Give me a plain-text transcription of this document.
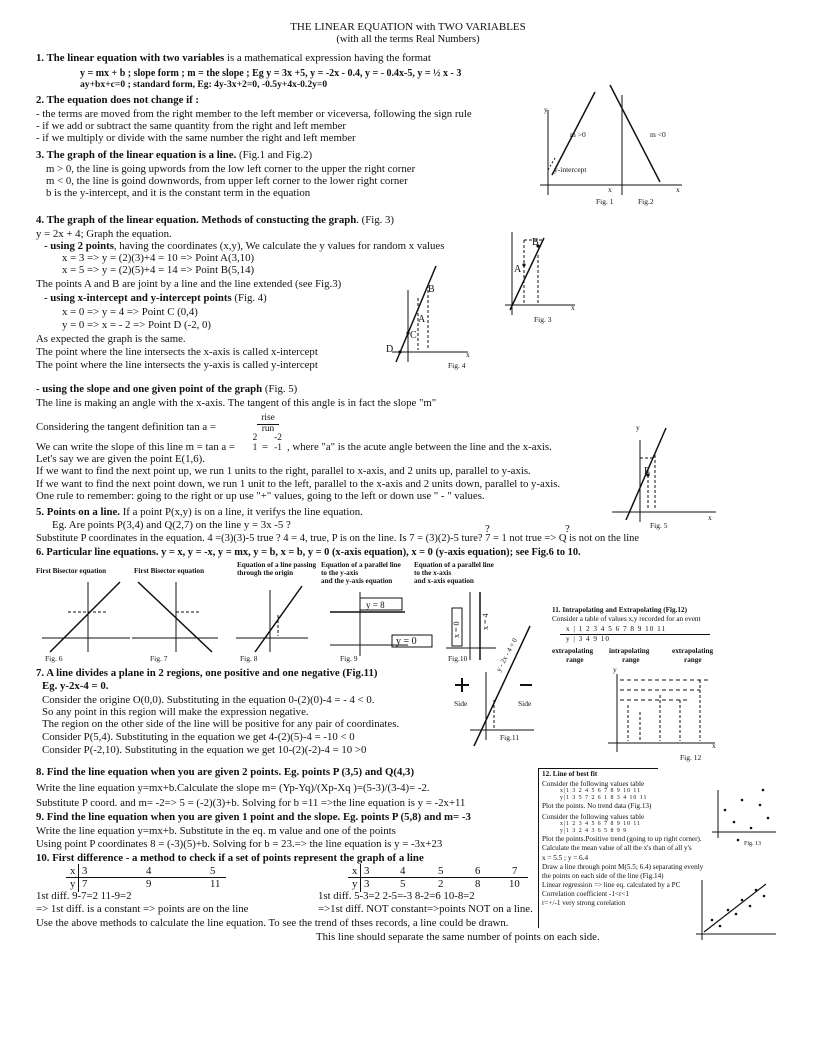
THE LINEAR EQUATION with TWO VARIABLES
(with all the terms Real Numbers)
1. The linear equation with two variables is a mathematical expression having the format
y = mx + b ; slope form ; m = the slope ; Eg y = 3x +5, y = -2x - 0.4, y = - 0.4x-5, y = ½ x - 3
ay+bx+c=0 ; standard form, Eg: 4y-3x+2=0, -0.5y+4x-0.2y=0
2. The equation does not change if :
- the terms are moved from the right member to the left member or viceversa, following the sign rule
- if we add or subtract the same quantity from the right and left member
- if we multiply or divide with the same number the right and left member
3. The graph of the linear equation is a line. (Fig.1 and Fig.2)
m > 0, the line is going upwords from the low left corner to the upper the right corner
m < 0, the line is goind downwords, from upper left corner to the lower right corner
b is the y-intercept, and it is the constant term in the equation
4. The graph of the linear equation. Methods of constucting the graph. (Fig. 3)
y = 2x + 4; Graph the equation.
- using 2 points, having the coordinates (x,y), We calculate the y values for random x values
x = 3 => y = (2)(3)+4 = 10 => Point A(3,10)
x = 5 => y = (2)(5)+4 = 14 => Point B(5,14)
The points A and B are joint by a line and the line extended (see Fig.3)
- using x-intercept and y-intercept points (Fig. 4)
x = 0 => y = 4 => Point C (0,4)
y = 0 => x = - 2 => Point D (-2, 0)
As expected the graph is the same.
The point where the line intersects the x-axis is called x-intercept
The point where the line intersects the y-axis is called y-intercept
- using the slope and one given point of the graph (Fig. 5)
The line is making an angle with the x-axis. The tangent of this angle is in fact the slope "m"
Considering the tangent definition tan a =
rise
run
We can write the slope of this line m = tan a =
2
1 =
-2
-1 , where "a" is the acute angle between the line and the x-axis.
Let's say we are given the point E(1,6).
If we want to find the next point up, we run 1 units to the right, parallel to x-axis, and 2 units up, parallel to y-axis.
If we want to find the next point down, we run 1 unit to the left, parallel to the x-axis and 2 units down, parallel to y-axis.
One rule to remember: going to the right or up use "+" values, going to the left or down use " - " values.
5. Points on a line. If a point P(x,y) is on a line, it verifys the line equation.
Eg. Are points P(3,4) and Q(2,7) on the line y = 3x -5 ?	?	?
Substitute P coordinates in the equation. 4 =(3)(3)-5 true ? 4 = 4, true, P is on the line. Is 7 = (3)(2)-5 ture? 7 = 1 not true => Q is not on the line
6. Particular line equations. y = x, y = -x, y = mx, y = b, x = b, y = 0 (x-axis equation), x = 0 (y-axis equation); see Fig.6 to 10.
First Bisector equation	First Bisector equation
Equation of a line passing
through the origin
Equation of a parallel line
to the y-axis
and the y-axis equation
Equation of a parallel line
to the x-axis
and x-axis equation
7. A line divides a plane in 2 regions, one positive and one negative (Fig.11)
Eg. y-2x-4 = 0.
Consider the origine O(0,0). Substituting in the equation 0-(2)(0)-4 = - 4 < 0.
So any point in this region will make the expression negative.
The region on the other side of the line will be positive for any pair of coordinates.
Consider P(5,4). Substituting in the equation we get 4-(2)(5)-4 = -10 < 0
Consider P(-2,10). Substituting in the equation we get 10-(2)(-2)-4 = 10 >0
8. Find the line equation when you are given 2 points. Eg. points P (3,5) and Q(4,3)
Write the line equation y=mx+b.Calculate the slope m= (Yp-Yq)/(Xp-Xq )=(5-3)/(3-4)= -2.
Substitute P coord. and m= -2=> 5 = (-2)(3)+b. Solving for b =11 =>the line equation is y = -2x+11
9. Find the line equation when you are given 1 point and the slope. Eg. points P (5,8) and m= -3
Write the line equation y=mx+b. Substitute in the eq. m value and one of the points
Using point P coordinates 8 = (-3)(5)+b. Solving for b = 23.=> the line equation is y = -3x+23
10. First difference - a method to check if a set of points represent the graph of a line
x 3	4	5
y 7	9	11
1st diff. 9-7=2 11-9=2
x 3	4	5	6	7
y 3	5	2	8	10
1st diff. 5-3=2 2-5=-3 8-2=6 10-8=2
=> 1st diff. is a constant => points are on the line	=>1st diff. NOT constant=>points NOT on a line.
Use the above methods to calculate the line equation. To see the trend of thses records, a line could be drawn.
This line should separate the same number of points on each side.
11. Intrapolating and Extrapolating (Fig.12)
Consider a table of values x,y recorded for an event
x | 1 2 3 4 5 6 7 8 9 10 11
y | 3 4 9 10
extrapolating intrapolating	extrapolating
range	range	range
12. Line of best fit
Consider the following values table
x|1 3 2 4 5 6 7 8 9 10 11
y|1 3 5 7 2 6 1 8 3 4 10 11
Plot the points. No trend data (Fig.13)
Consider the following values table
x|1 2 3 4 5 6 7 8 9 10 11
y|1 3 2 4 3 6 5 8 9 9
Plot the points.Positive trend (going to up right corner).
Calculate the mean value of all the x's than of all y's
x = 5.5 ; y = 6.4
Draw a line through point M(5.5; 6.4) separating evenly
the points on each side of the line (Fig.14)
Linear regression => line eq. calculated by a PC
Correlation coefficient -1<r<1
r=+/-1 very strong corelation
m >0	m <0
y-intercept
Fig. 1	Fig.2
y
x	x
Fig. 3
B
A
x
Fig. 4
B
A
C
D	x
Fig. 5
E
y
x
Fig. 6	Fig. 7	Fig. 8	Fig. 9	Fig.10
y = 8
y = 0
x = 0	x = 4
Fig.11
Side	Side
y - 2x - 4 = 0
Fig. 12
Fig. 13
y
x
